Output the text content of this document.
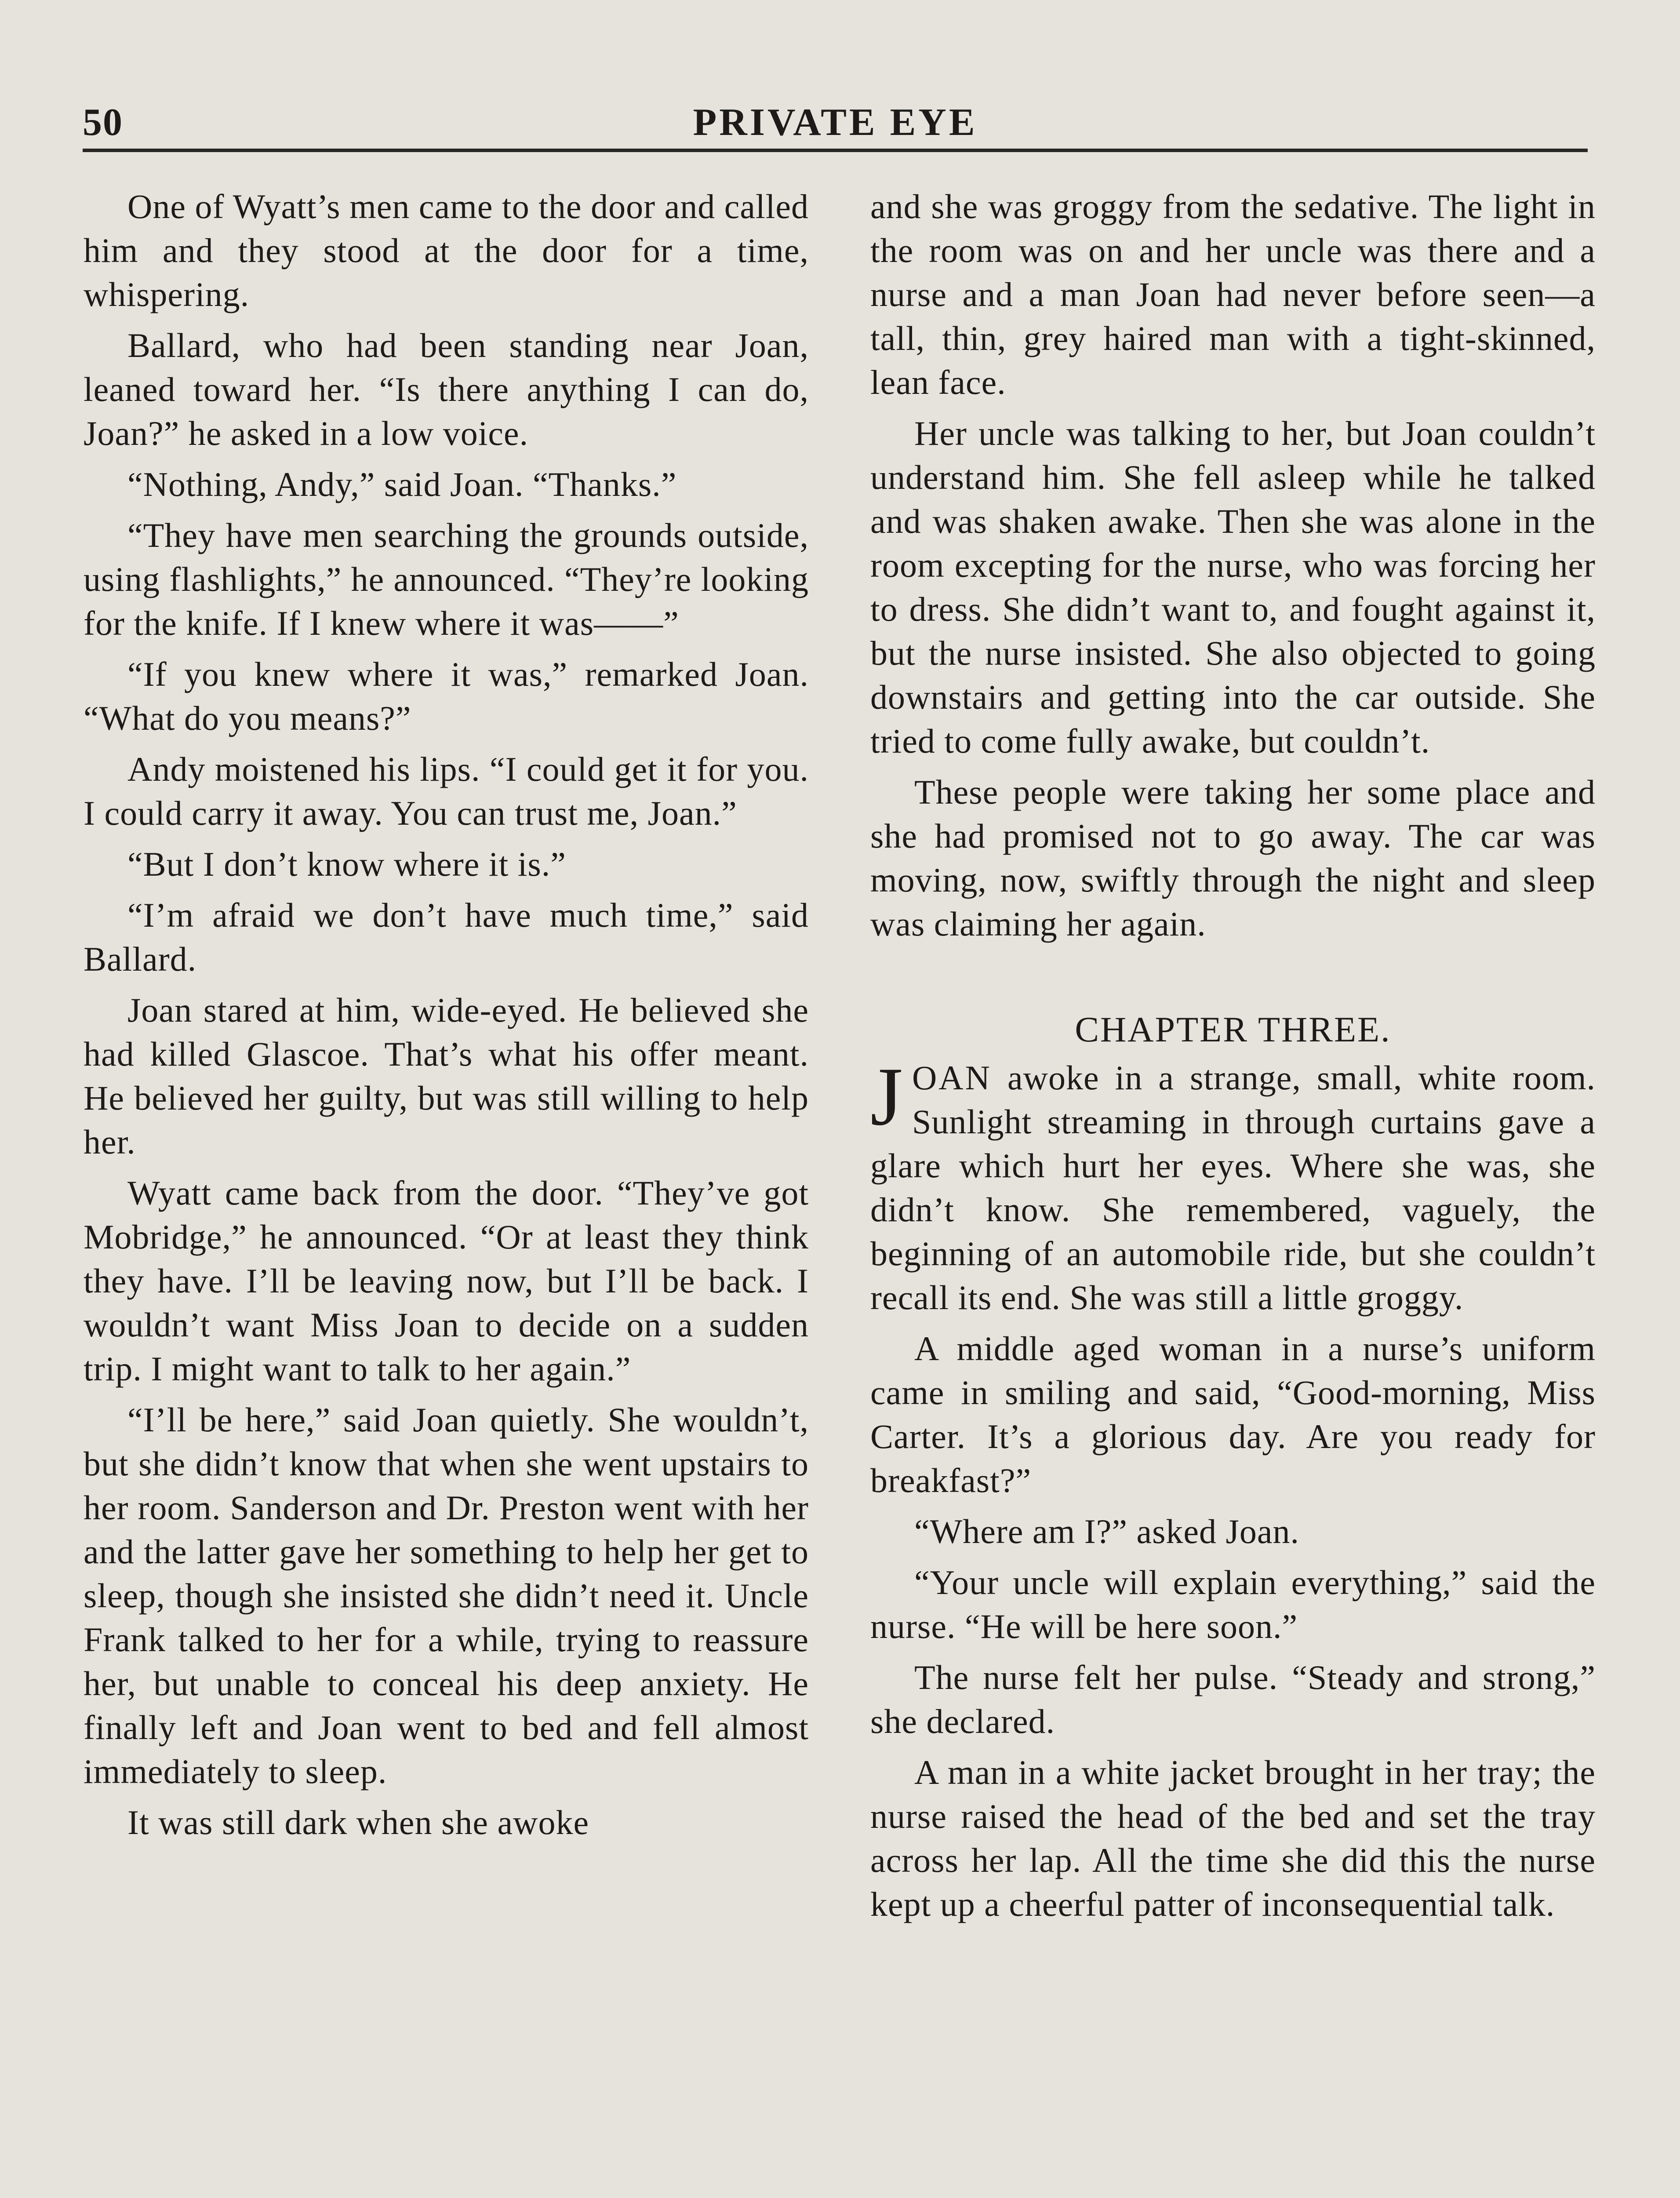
50	PRIVATE EYE

One of Wyatt’s men came to the door and called him and they stood at the door for a time, whispering.

Ballard, who had been standing near Joan, leaned toward her. “Is there anything I can do, Joan?” he asked in a low voice.

“Nothing, Andy,” said Joan. “Thanks.”

“They have men searching the grounds outside, using flashlights,” he announced. “They’re looking for the knife. If I knew where it was——”

“If you knew where it was,” remarked Joan. “What do you means?”

Andy moistened his lips. “I could get it for you. I could carry it away. You can trust me, Joan.”

“But I don’t know where it is.”

“I’m afraid we don’t have much time,” said Ballard.

Joan stared at him, wide-eyed. He believed she had killed Glascoe. That’s what his offer meant. He believed her guilty, but was still willing to help her.

Wyatt came back from the door. “They’ve got Mobridge,” he announced. “Or at least they think they have. I’ll be leaving now, but I’ll be back. I wouldn’t want Miss Joan to decide on a sudden trip. I might want to talk to her again.”

“I’ll be here,” said Joan quietly. She wouldn’t, but she didn’t know that when she went upstairs to her room. Sanderson and Dr. Preston went with her and the latter gave her something to help her get to sleep, though she insisted she didn’t need it. Uncle Frank talked to her for a while, trying to reassure her, but unable to conceal his deep anxiety. He finally left and Joan went to bed and fell almost immediately to sleep.

It was still dark when she awoke

and she was groggy from the sedative. The light in the room was on and her uncle was there and a nurse and a man Joan had never before seen—a tall, thin, grey haired man with a tight-skinned, lean face.

Her uncle was talking to her, but Joan couldn’t understand him. She fell asleep while he talked and was shaken awake. Then she was alone in the room excepting for the nurse, who was forcing her to dress. She didn’t want to, and fought against it, but the nurse insisted. She also objected to going downstairs and getting into the car outside. She tried to come fully awake, but couldn’t.

These people were taking her some place and she had promised not to go away. The car was moving, now, swiftly through the night and sleep was claiming her again.

CHAPTER THREE.

JOAN awoke in a strange, small, white room. Sunlight streaming in through curtains gave a glare which hurt her eyes. Where she was, she didn’t know. She remembered, vaguely, the beginning of an automobile ride, but she couldn’t recall its end. She was still a little groggy.

A middle aged woman in a nurse’s uniform came in smiling and said, “Good-morning, Miss Carter. It’s a glorious day. Are you ready for breakfast?”

“Where am I?” asked Joan.

“Your uncle will explain everything,” said the nurse. “He will be here soon.”

The nurse felt her pulse. “Steady and strong,” she declared.

A man in a white jacket brought in her tray; the nurse raised the head of the bed and set the tray across her lap. All the time she did this the nurse kept up a cheerful patter of inconsequential talk.
